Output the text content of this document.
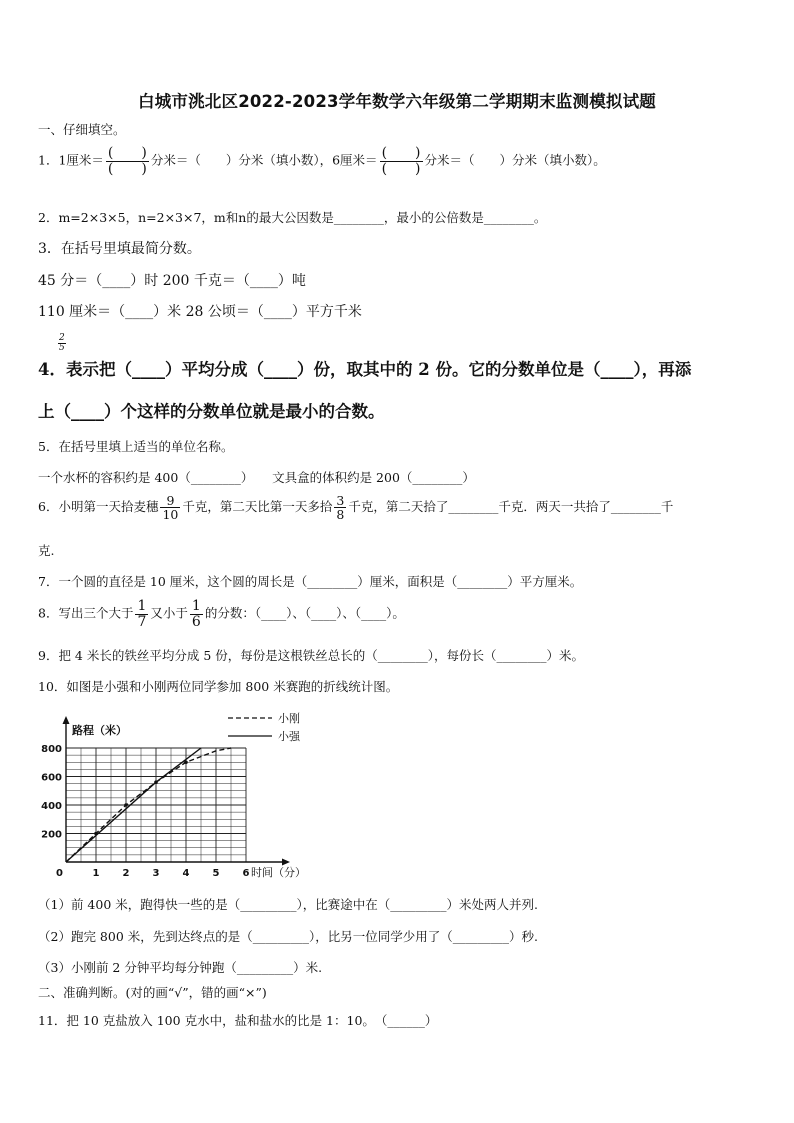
白城市洮北区2022-2023学年数学六年级第二学期期末监测模拟试题
一、仔细填空。
1．1厘米＝ $\frac{( )}{( )}$ 分米＝（　　）分米（填小数），6厘米＝ $\frac{( )}{( )}$ 分米＝（　　）分米（填小数）。
2．m=2×3×5，n=2×3×7，m和n的最大公因数是________，最小的公倍数是________。
3．在括号里填最简分数。
45 分＝（____）时 200 千克＝（____）吨
110 厘米＝（____）米 28 公顷＝（____）平方千米
$\frac{2}{5}$
4．表示把（____）平均分成（____）份，取其中的 2 份。它的分数单位是（____），再添
上（____）个这样的分数单位就是最小的合数。
5．在括号里填上适当的单位名称。
一个水杯的容积约是 400（________）　　文具盒的体积约是 200（________）
6．小明第一天拾麦穗 $\frac{9}{10}$ 千克，第二天比第一天多拾 $\frac{3}{8}$ 千克，第二天拾了________千克．两天一共拾了________千
克.
7．一个圆的直径是 10 厘米，这个圆的周长是（________）厘米，面积是（________）平方厘米。
8．写出三个大于 $\frac{1}{7}$ 又小于 $\frac{1}{6}$ 的分数：（____）、（____）、（____）。
9．把 4 米长的铁丝平均分成 5 份，每份是这根铁丝总长的（________），每份长（________）米。
10．如图是小强和小刚两位同学参加 800 米赛跑的折线统计图。
路程（米）
时间（分）
0	1 2 3 4 5 6
200
400
600
800
小刚
小强
（1）前 400 米，跑得快一些的是（_________），比赛途中在（_________）米处两人并列.
（2）跑完 800 米，先到达终点的是（_________），比另一位同学少用了（_________）秒.
（3）小刚前 2 分钟平均每分钟跑（_________）米.
二、准确判断。(对的画“√”，错的画“×”)
11．把 10 克盐放入 100 克水中，盐和盐水的比是 1：10。　（______）
